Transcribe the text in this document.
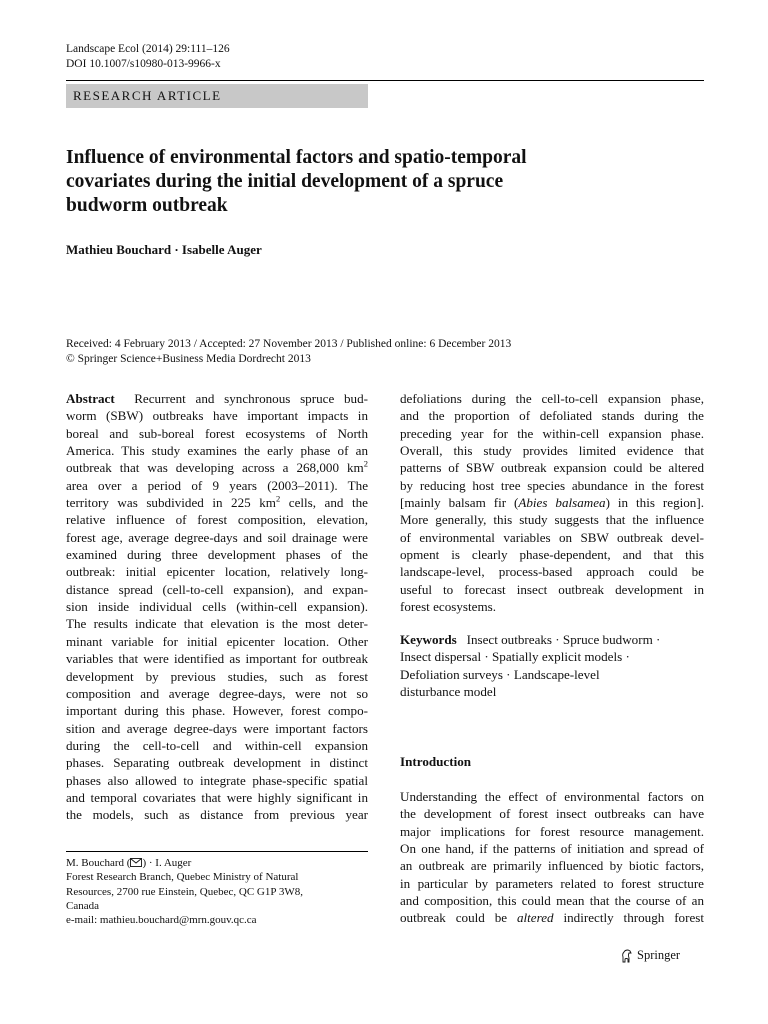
Landscape Ecol (2014) 29:111–126
DOI 10.1007/s10980-013-9966-x
RESEARCH ARTICLE
Influence of environmental factors and spatio-temporal
covariates during the initial development of a spruce
budworm outbreak
Mathieu Bouchard · Isabelle Auger
Received: 4 February 2013 / Accepted: 27 November 2013 / Published online: 6 December 2013
© Springer Science+Business Media Dordrecht 2013
Abstract Recurrent and synchronous spruce bud-
worm (SBW) outbreaks have important impacts in
boreal and sub-boreal forest ecosystems of North
America. This study examines the early phase of an
outbreak that was developing across a 268,000 $km^2$
area over a period of 9 years (2003–2011). The
territory was subdivided in 225 $km^2$ cells, and the
relative influence of forest composition, elevation,
forest age, average degree-days and soil drainage were
examined during three development phases of the
outbreak: initial epicenter location, relatively long-
distance spread (cell-to-cell expansion), and expan-
sion inside individual cells (within-cell expansion).
The results indicate that elevation is the most deter-
minant variable for initial epicenter location. Other
variables that were identified as important for outbreak
development by previous studies, such as forest
composition and average degree-days, were not so
important during this phase. However, forest compo-
sition and average degree-days were important factors
during the cell-to-cell and within-cell expansion
phases. Separating outbreak development in distinct
phases also allowed to integrate phase-specific spatial
and temporal covariates that were highly significant in
the models, such as distance from previous year
defoliations during the cell-to-cell expansion phase,
and the proportion of defoliated stands during the
preceding year for the within-cell expansion phase.
Overall, this study provides limited evidence that
patterns of SBW outbreak expansion could be altered
by reducing host tree species abundance in the forest
[mainly balsam fir (Abies balsamea) in this region].
More generally, this study suggests that the influence
of environmental variables on SBW outbreak devel-
opment is clearly phase-dependent, and that this
landscape-level, process-based approach could be
useful to forecast insect outbreak development in
forest ecosystems.
Keywords Insect outbreaks · Spruce budworm ·
Insect dispersal · Spatially explicit models ·
Defoliation surveys · Landscape-level
disturbance model
Introduction
Understanding the effect of environmental factors on
the development of forest insect outbreaks can have
major implications for forest resource management.
On one hand, if the patterns of initiation and spread of
an outbreak are primarily influenced by biotic factors,
in particular by parameters related to forest structure
and composition, this could mean that the course of an
outbreak could be altered indirectly through forest
M. Bouchard ( ) · I. Auger
Forest Research Branch, Quebec Ministry of Natural
Resources, 2700 rue Einstein, Quebec, QC G1P 3W8,
Canada
e-mail: mathieu.bouchard@mrn.gouv.qc.ca
Springer
